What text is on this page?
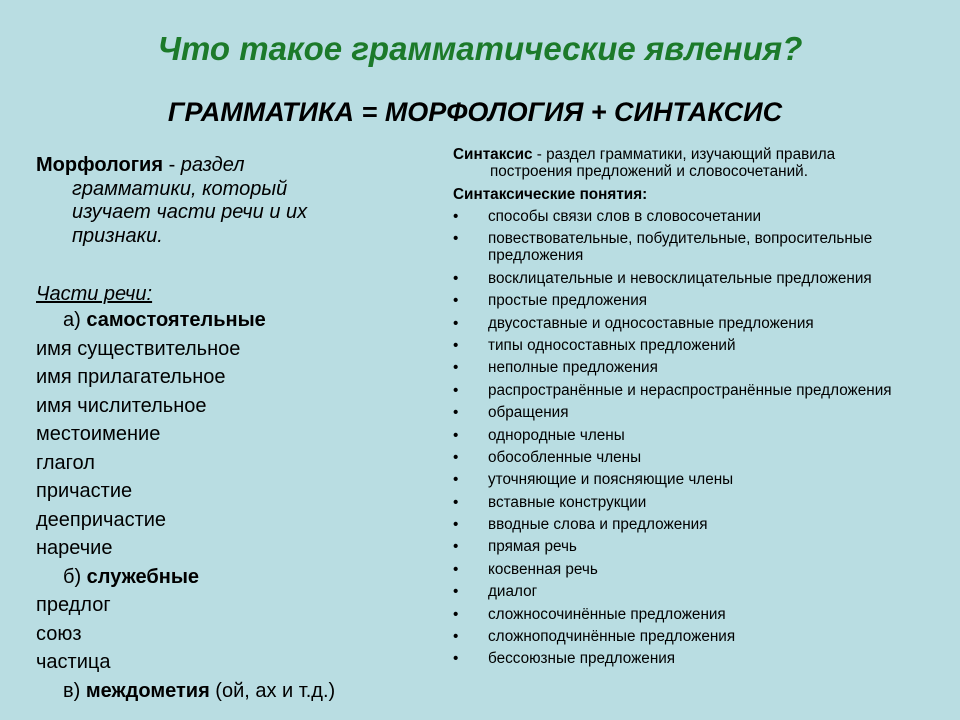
Что такое грамматические явления?
ГРАММАТИКА = МОРФОЛОГИЯ + СИНТАКСИС

Морфология - раздел
грамматики, который
изучает части речи и их
признаки.

Части речи:
а) самостоятельные
имя существительное
имя прилагательное
имя числительное
местоимение
глагол
причастие
деепричастие
наречие
б) служебные
предлог
союз
частица
в) междометия (ой, ах и т.д.)

Синтаксис - раздел грамматики, изучающий правила
построения предложений и словосочетаний.

Синтаксические понятия:
•	способы связи слов в словосочетании
•	повествовательные, побудительные, вопросительные предложения
•	восклицательные и невосклицательные предложения
•	простые предложения
•	двусоставные и односоставные предложения
•	типы односоставных предложений
•	неполные предложения
•	распространённые и нераспространённые предложения
•	обращения
•	однородные члены
•	обособленные члены
•	уточняющие и поясняющие члены
•	вставные конструкции
•	вводные слова и предложения
•	прямая речь
•	косвенная речь
•	диалог
•	сложносочинённые предложения
•	сложноподчинённые предложения
•	бессоюзные предложения
